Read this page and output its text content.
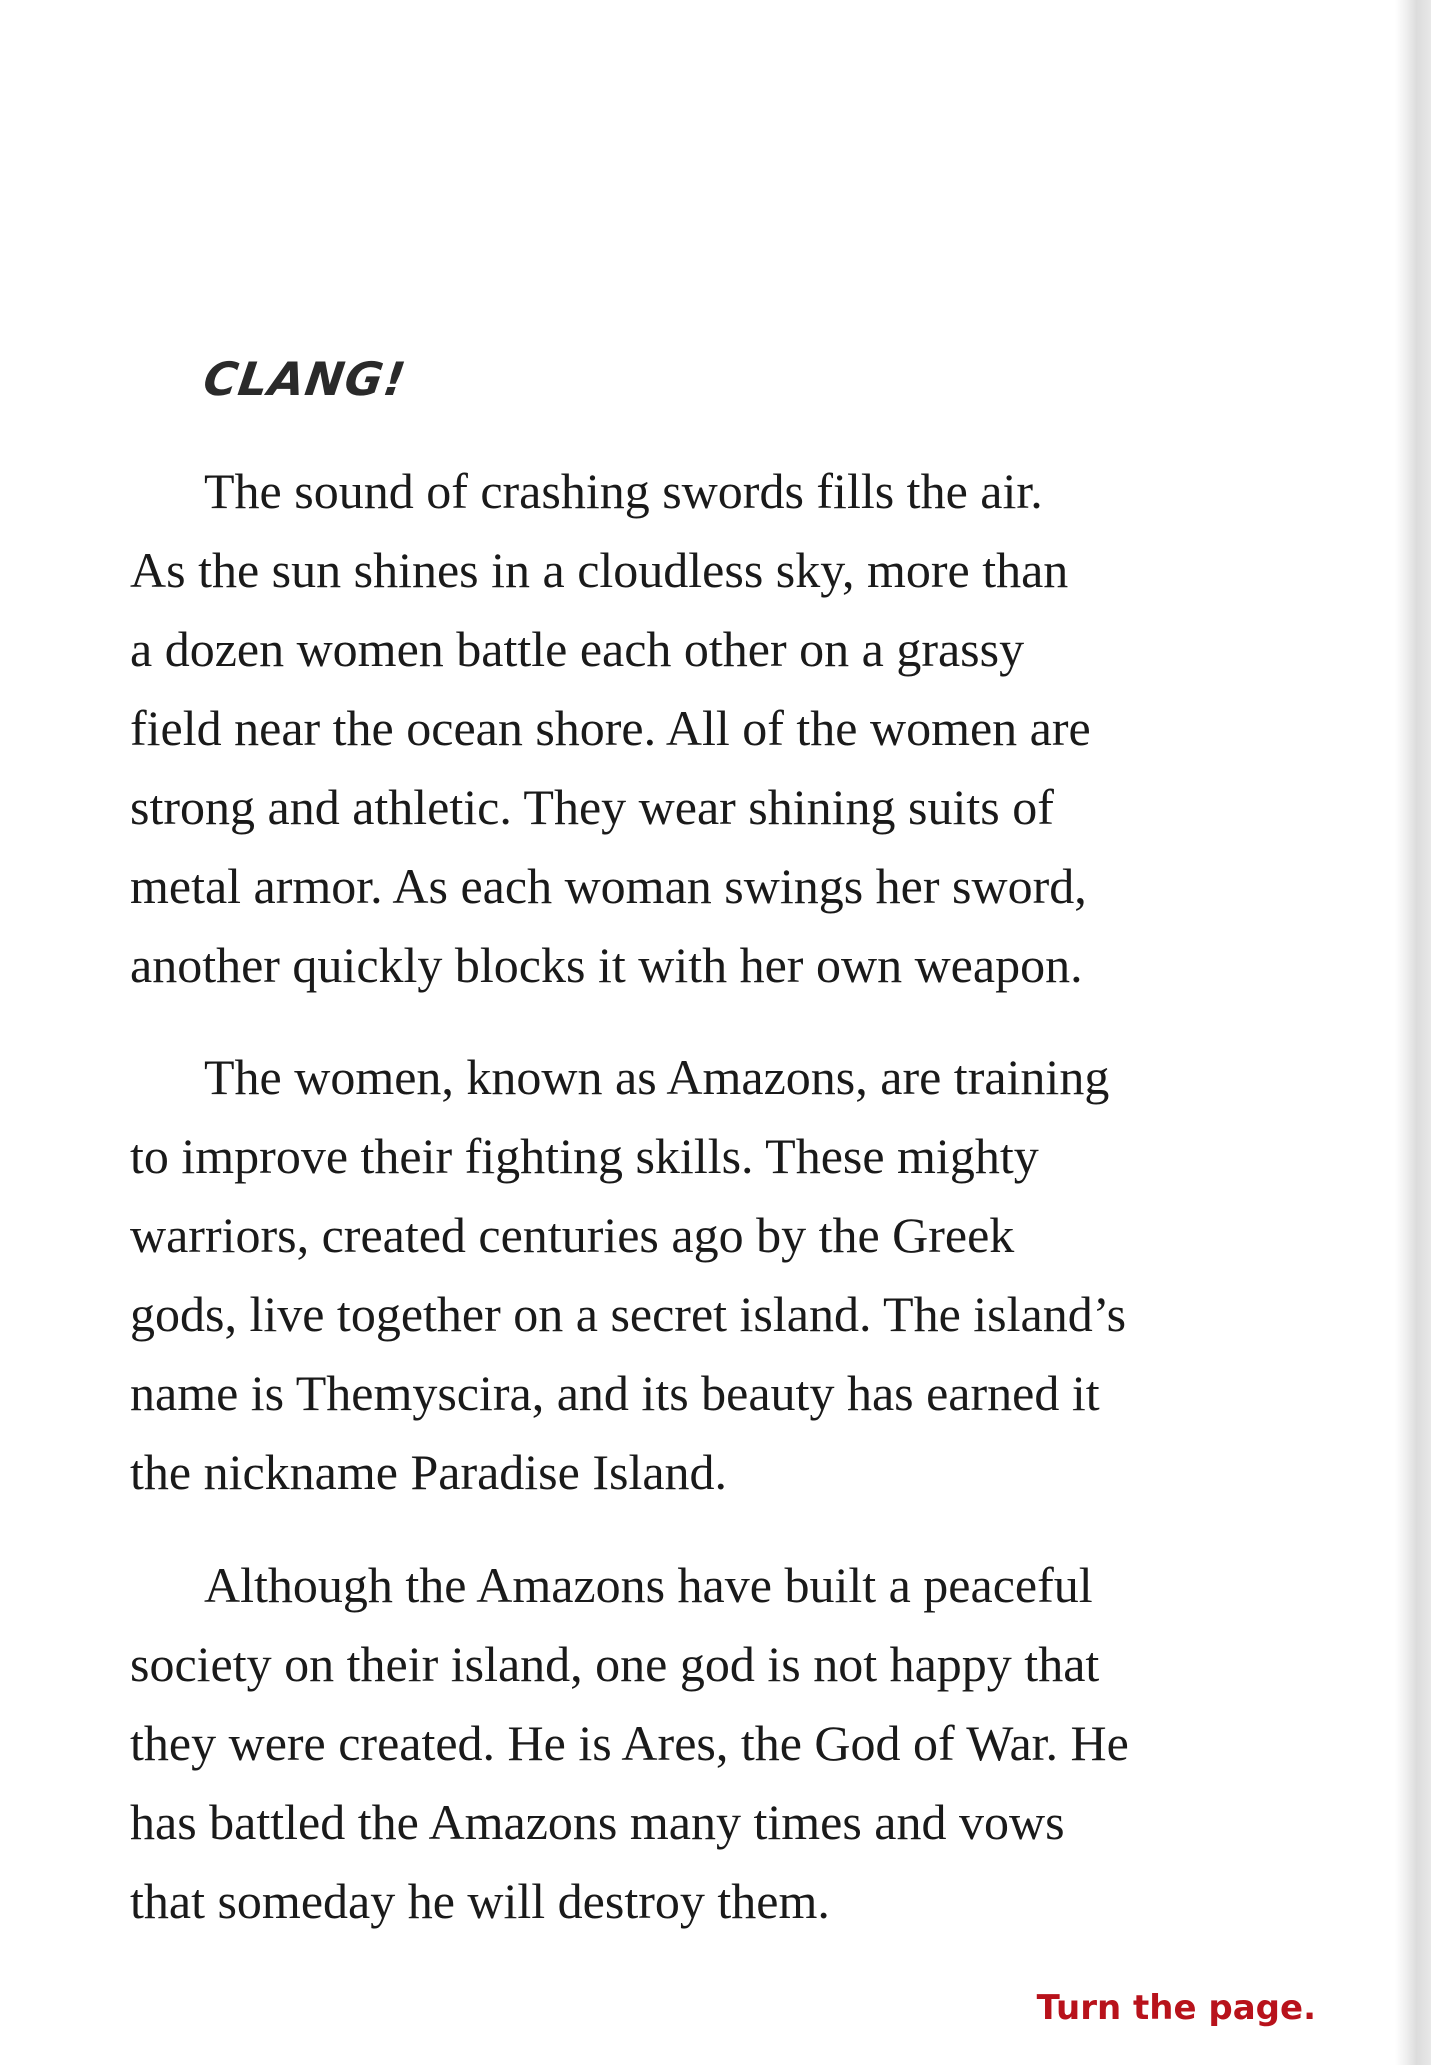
CLANG!

The sound of crashing swords fills the air.

As the sun shines in a cloudless sky, more than

a dozen women battle each other on a grassy

field near the ocean shore. All of the women are

strong and athletic. They wear shining suits of

metal armor. As each woman swings her sword,

another quickly blocks it with her own weapon.

The women, known as Amazons, are training

to improve their fighting skills. These mighty

warriors, created centuries ago by the Greek

gods, live together on a secret island. The island’s

name is Themyscira, and its beauty has earned it

the nickname Paradise Island.

Although the Amazons have built a peaceful

society on their island, one god is not happy that

they were created. He is Ares, the God of War. He

has battled the Amazons many times and vows

that someday he will destroy them.

Turn the page.
